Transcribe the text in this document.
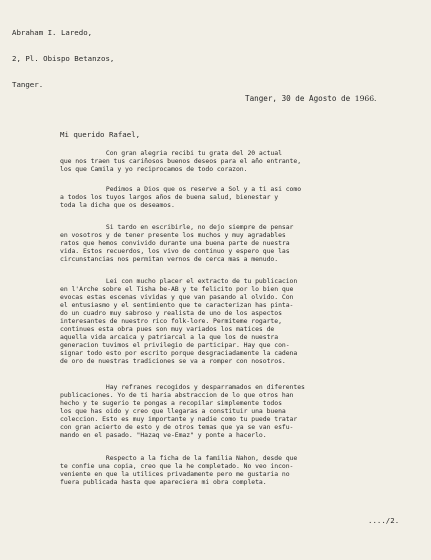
Abraham I. Laredo,

2, Pl. Obispo Betanzos,

Tanger.

Tanger, 30 de Agosto de 1966.
Mi querido Rafael,
Con gran alegria recibi tu grata del 20 actual
que nos traen tus cariñosos buenos deseos para el año entrante,
los que Camila y yo reciprocamos de todo corazon.
Pedimos a Dios que os reserve a Sol y a ti asi como
a todos los tuyos largos años de buena salud, bienestar y
toda la dicha que os deseamos.
Si tardo en escribirle, no dejo siempre de pensar
en vosotros y de tener presente los muchos y muy agradables
ratos que hemos convivido durante una buena parte de nuestra
vida. Estos recuerdos, los vivo de continuo y espero que las
circunstancias nos permitan vernos de cerca mas a menudo.
Lei con mucho placer el extracto de tu publicacion
en l'Arche sobre el Tisha be-AB y te felicito por lo bien que
evocas estas escenas vividas y que van pasando al olvido. Con
el entusiasmo y el sentimiento que te caracterizan has pinta-
do un cuadro muy sabroso y realista de uno de los aspectos
interesantes de nuestro rico folk-lore. Permiteme rogarte,
continues esta obra pues son muy variados los matices de
aquella vida arcaica y patriarcal a la que los de nuestra
generacion tuvimos el privilegio de participar. Hay que con-
signar todo esto por escrito porque desgraciadamente la cadena
de oro de nuestras tradiciones se va a romper con nosotros.
Hay refranes recogidos y desparramados en diferentes
publicaciones. Yo de ti haria abstraccion de lo que otros han
hecho y te sugerio te pongas a recopilar simplemente todos
los que has oido y creo que llegaras a constituir una buena
coleccion. Esto es muy importante y nadie como tu puede tratar
con gran acierto de esto y de otros temas que ya se van esfu-
mando en el pasado. "Hazaq ve-Emaz" y ponte a hacerlo.
Respecto a la ficha de la familia Nahon, desde que
te confie una copia, creo que la he completado. No veo incon-
veniente en que la utilices privadamente pero me gustaria no
fuera publicada hasta que apareciera mi obra completa.
..../2.
